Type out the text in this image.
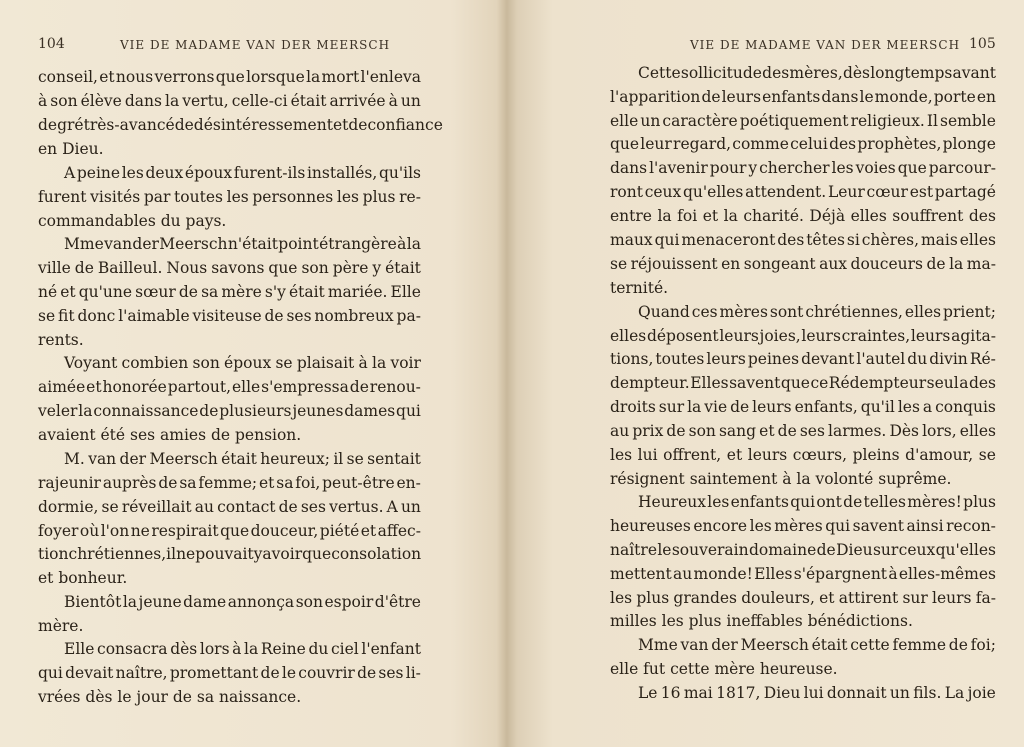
104	VIE DE MADAME VAN DER MEERSCH
conseil, et nous verrons que lorsque la mort l'enleva
à son élève dans la vertu, celle-ci était arrivée à un
degré très-avancé de désintéressement et de confiance
en Dieu.
A peine les deux époux furent-ils installés, qu'ils
furent visités par toutes les personnes les plus re-
commandables du pays.
Mme van der Meersch n'était point étrangère à la
ville de Bailleul. Nous savons que son père y était
né et qu'une sœur de sa mère s'y était mariée. Elle
se fit donc l'aimable visiteuse de ses nombreux pa-
rents.
Voyant combien son époux se plaisait à la voir
aimée et honorée partout, elle s'empressa de renou-
veler la connaissance de plusieurs jeunes dames qui
avaient été ses amies de pension.
M. van der Meersch était heureux; il se sentait
rajeunir auprès de sa femme; et sa foi, peut-être en-
dormie, se réveillait au contact de ses vertus. A un
foyer où l'on ne respirait que douceur, piété et affec-
tion chrétiennes, il ne pouvait y avoir que consolation
et bonheur.
Bientôt la jeune dame annonça son espoir d'être
mère.
Elle consacra dès lors à la Reine du ciel l'enfant
qui devait naître, promettant de le couvrir de ses li-
vrées dès le jour de sa naissance.
VIE DE MADAME VAN DER MEERSCH 105
Cette sollicitude des mères, dès longtemps avant
l'apparition de leurs enfants dans le monde, porte en
elle un caractère poétiquement religieux. Il semble
que leur regard, comme celui des prophètes, plonge
dans l'avenir pour y chercher les voies que parcour-
ront ceux qu'elles attendent. Leur cœur est partagé
entre la foi et la charité. Déjà elles souffrent des
maux qui menaceront des têtes si chères, mais elles
se réjouissent en songeant aux douceurs de la ma-
ternité.
Quand ces mères sont chrétiennes, elles prient;
elles déposent leurs joies, leurs craintes, leurs agita-
tions, toutes leurs peines devant l'autel du divin Ré-
dempteur. Elles savent que ce Rédempteur seul a des
droits sur la vie de leurs enfants, qu'il les a conquis
au prix de son sang et de ses larmes. Dès lors, elles
les lui offrent, et leurs cœurs, pleins d'amour, se
résignent saintement à la volonté suprême.
Heureux les enfants qui ont de telles mères! plus
heureuses encore les mères qui savent ainsi recon-
naître le souverain domaine de Dieu sur ceux qu'elles
mettent au monde! Elles s'épargnent à elles-mêmes
les plus grandes douleurs, et attirent sur leurs fa-
milles les plus ineffables bénédictions.
Mme van der Meersch était cette femme de foi;
elle fut cette mère heureuse.
Le 16 mai 1817, Dieu lui donnait un fils. La joie
